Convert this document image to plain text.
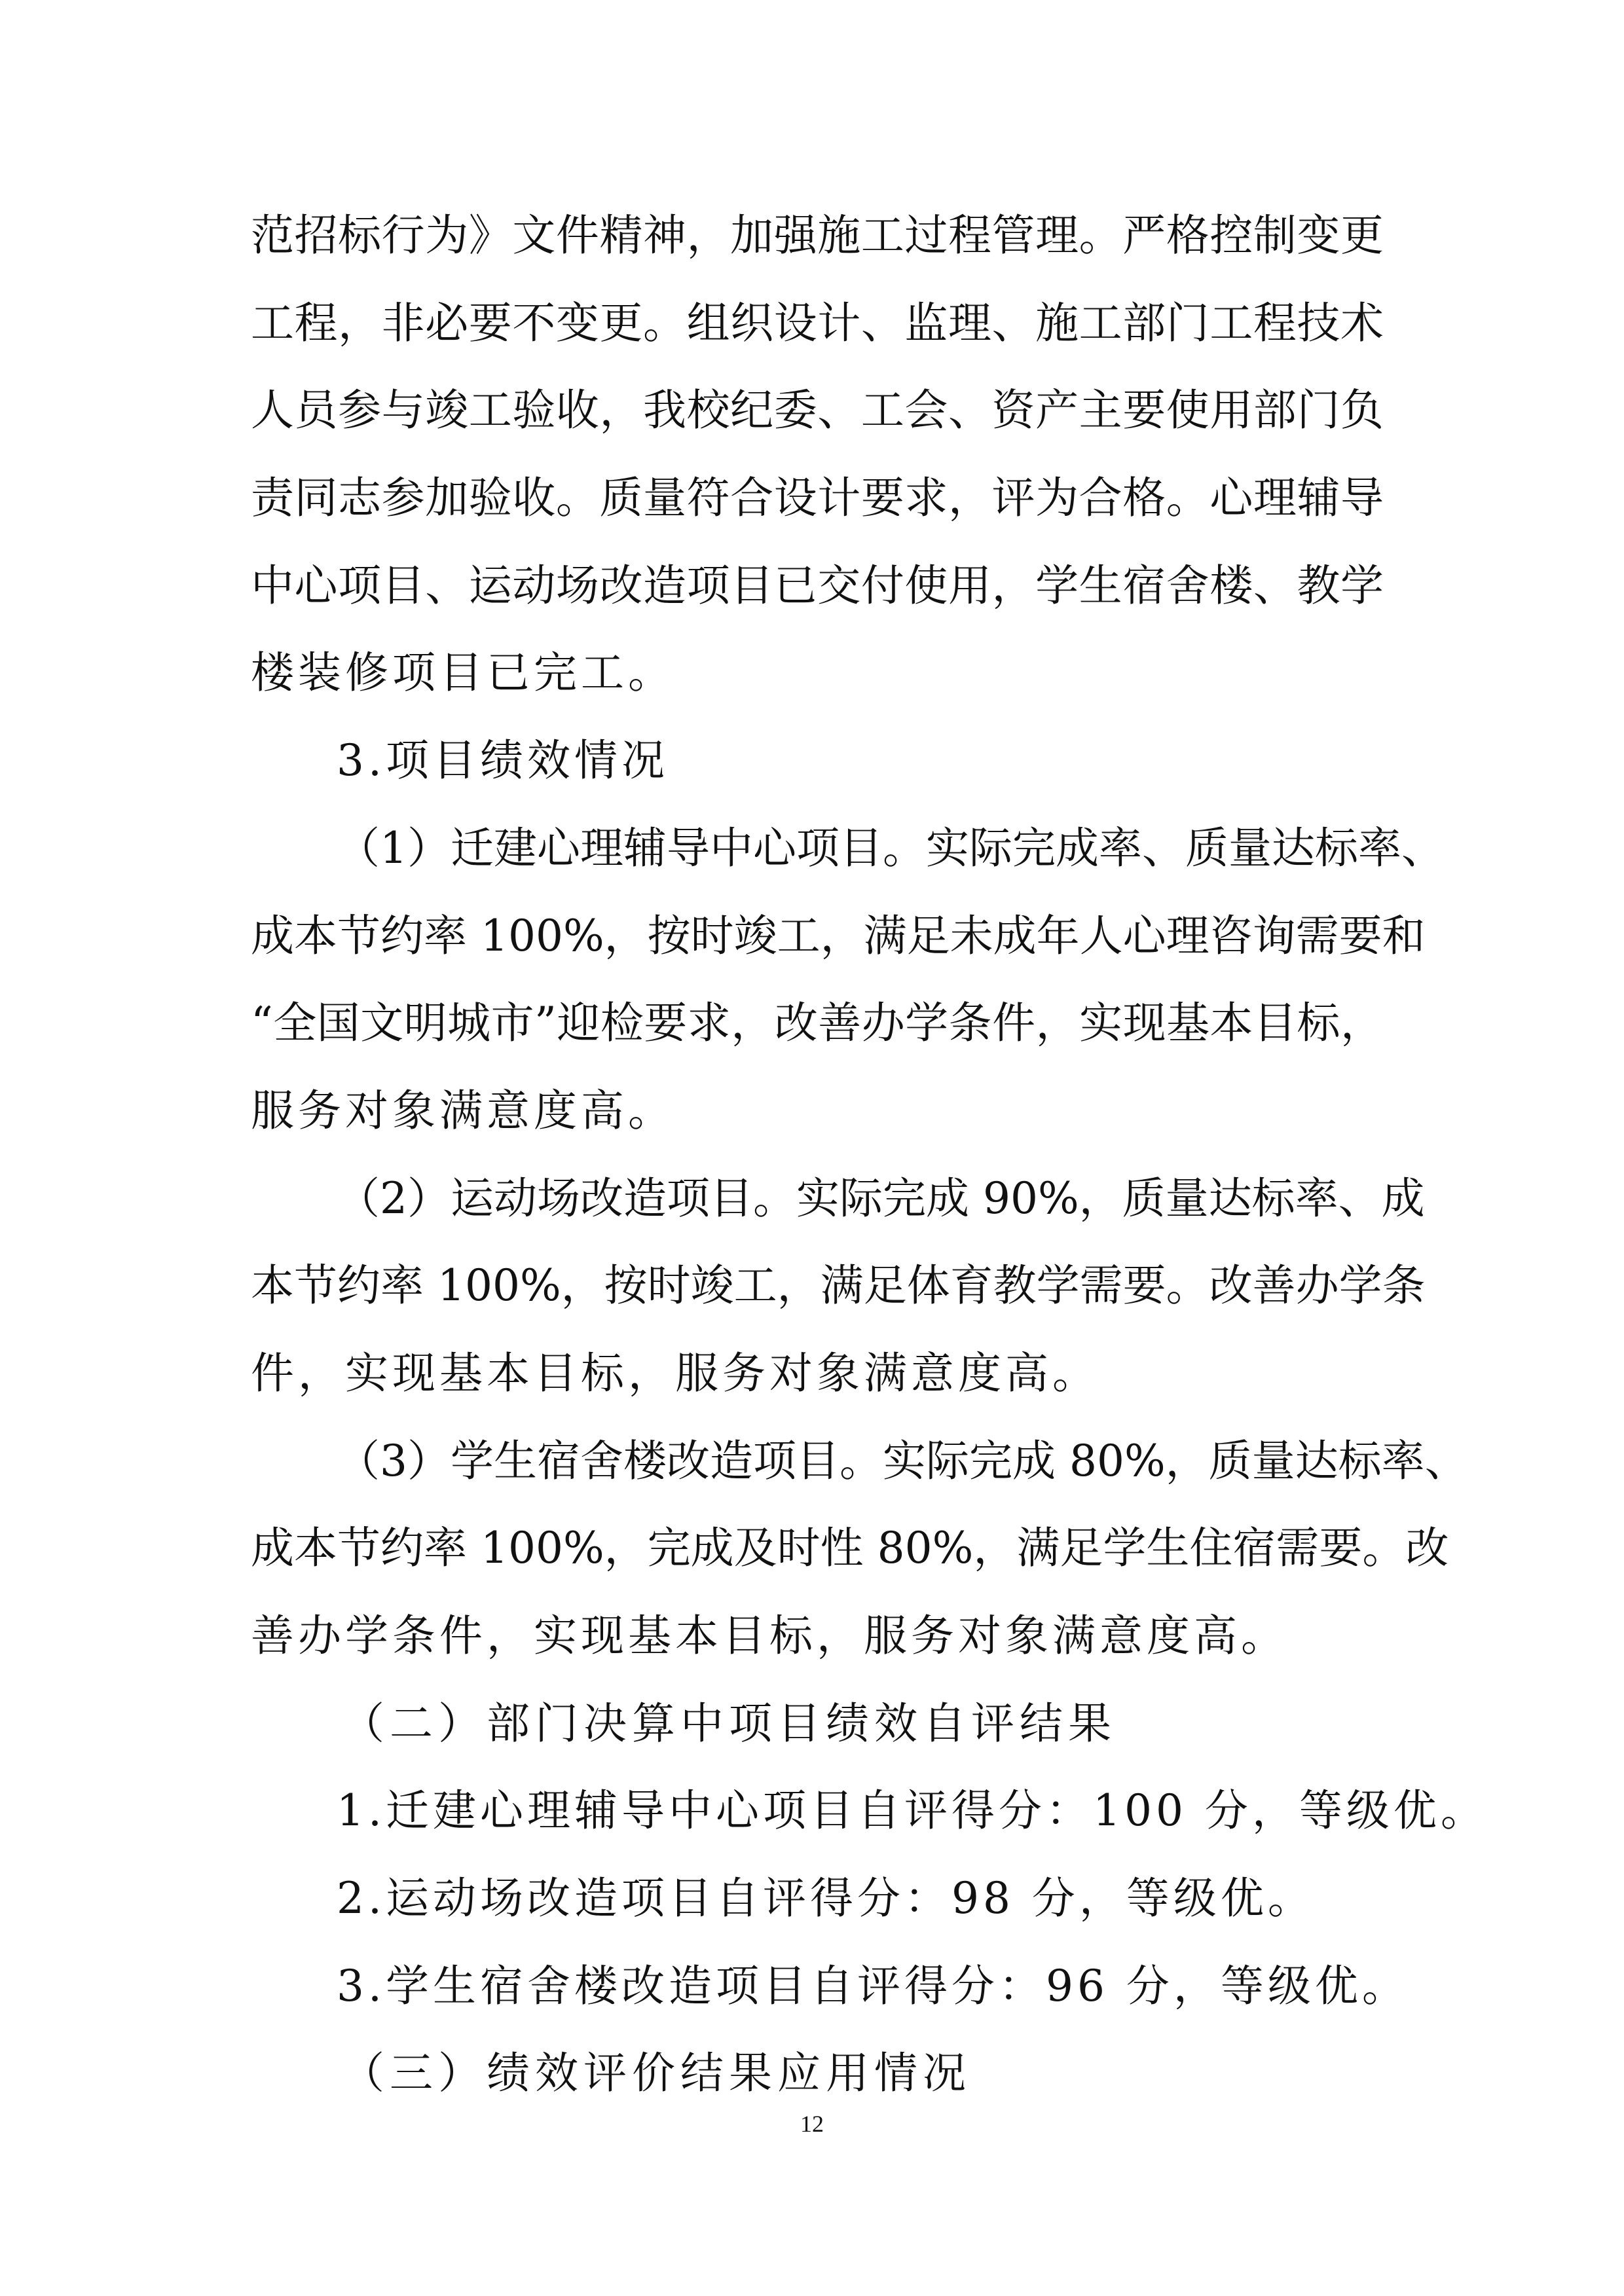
范招标行为》文件精神，加强施工过程管理。严格控制变更
工程，非必要不变更。组织设计、监理、施工部门工程技术
人员参与竣工验收，我校纪委、工会、资产主要使用部门负
责同志参加验收。质量符合设计要求，评为合格。心理辅导
中心项目、运动场改造项目已交付使用，学生宿舍楼、教学
楼装修项目已完工。
3.项目绩效情况
（1）迁建心理辅导中心项目。实际完成率、质量达标率、
成本节约率 100%，按时竣工，满足未成年人心理咨询需要和
“全国文明城市”迎检要求，改善办学条件，实现基本目标，
服务对象满意度高。
（2）运动场改造项目。实际完成 90%，质量达标率、成
本节约率 100%，按时竣工，满足体育教学需要。改善办学条
件，实现基本目标，服务对象满意度高。
（3）学生宿舍楼改造项目。实际完成 80%，质量达标率、
成本节约率 100%，完成及时性 80%，满足学生住宿需要。改
善办学条件，实现基本目标，服务对象满意度高。
（二）部门决算中项目绩效自评结果
1.迁建心理辅导中心项目自评得分：100 分，等级优。
2.运动场改造项目自评得分：98 分，等级优。
3.学生宿舍楼改造项目自评得分：96 分，等级优。
（三）绩效评价结果应用情况
12
